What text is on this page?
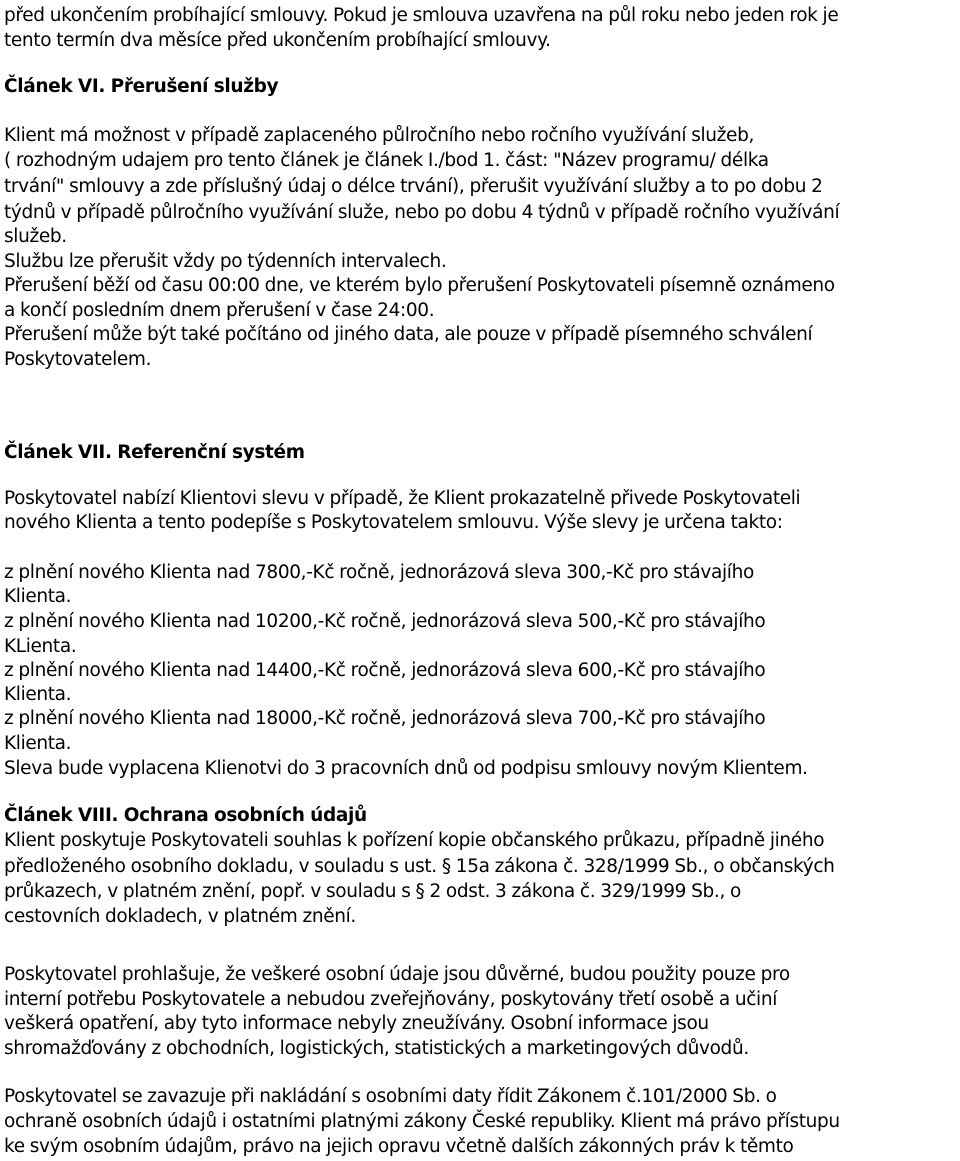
před ukončením probíhající smlouvy. Pokud je smlouva uzavřena na půl roku nebo jeden rok je
tento termín dva měsíce před ukončením probíhající smlouvy.
Článek VI. Přerušení služby
Klient má možnost v případě zaplaceného půlročního nebo ročního využívání služeb,
( rozhodným udajem pro tento článek je článek I./bod 1. část: "Název programu/ délka
trvání" smlouvy a zde příslušný údaj o délce trvání), přerušit využívání služby a to po dobu 2
týdnů v případě půlročního využívání služe, nebo po dobu 4 týdnů v případě ročního využívání
služeb.
Službu lze přerušit vždy po týdenních intervalech.
Přerušení běží od času 00:00 dne, ve kterém bylo přerušení Poskytovateli písemně oznámeno
a končí posledním dnem přerušení v čase 24:00.
Přerušení může být také počítáno od jiného data, ale pouze v případě písemného schválení
Poskytovatelem.
Článek VII. Referenční systém
Poskytovatel nabízí Klientovi slevu v případě, že Klient prokazatelně přivede Poskytovateli
nového Klienta a tento podepíše s Poskytovatelem smlouvu. Výše slevy je určena takto:
z plnění nového Klienta nad 7800,-Kč ročně, jednorázová sleva 300,-Kč pro stávajího
Klienta.
z plnění nového Klienta nad 10200,-Kč ročně, jednorázová sleva 500,-Kč pro stávajího
KLienta.
z plnění nového Klienta nad 14400,-Kč ročně, jednorázová sleva 600,-Kč pro stávajího
Klienta.
z plnění nového Klienta nad 18000,-Kč ročně, jednorázová sleva 700,-Kč pro stávajího
Klienta.
Sleva bude vyplacena Klienotvi do 3 pracovních dnů od podpisu smlouvy novým Klientem.
Článek VIII. Ochrana osobních údajů
Klient poskytuje Poskytovateli souhlas k pořízení kopie občanského průkazu, případně jiného
předloženého osobního dokladu, v souladu s ust. § 15a zákona č. 328/1999 Sb., o občanských
průkazech, v platném znění, popř. v souladu s § 2 odst. 3 zákona č. 329/1999 Sb., o
cestovních dokladech, v platném znění.
Poskytovatel prohlašuje, že veškeré osobní údaje jsou důvěrné, budou použity pouze pro
interní potřebu Poskytovatele a nebudou zveřejňovány, poskytovány třetí osobě a učiní
veškerá opatření, aby tyto informace nebyly zneužívány. Osobní informace jsou
shromažďovány z obchodních, logistických, statistických a marketingových důvodů.
Poskytovatel se zavazuje při nakládání s osobními daty řídit Zákonem č.101/2000 Sb. o
ochraně osobních údajů i ostatními platnými zákony České republiky. Klient má právo přístupu
ke svým osobním údajům, právo na jejich opravu včetně dalších zákonných práv k těmto
